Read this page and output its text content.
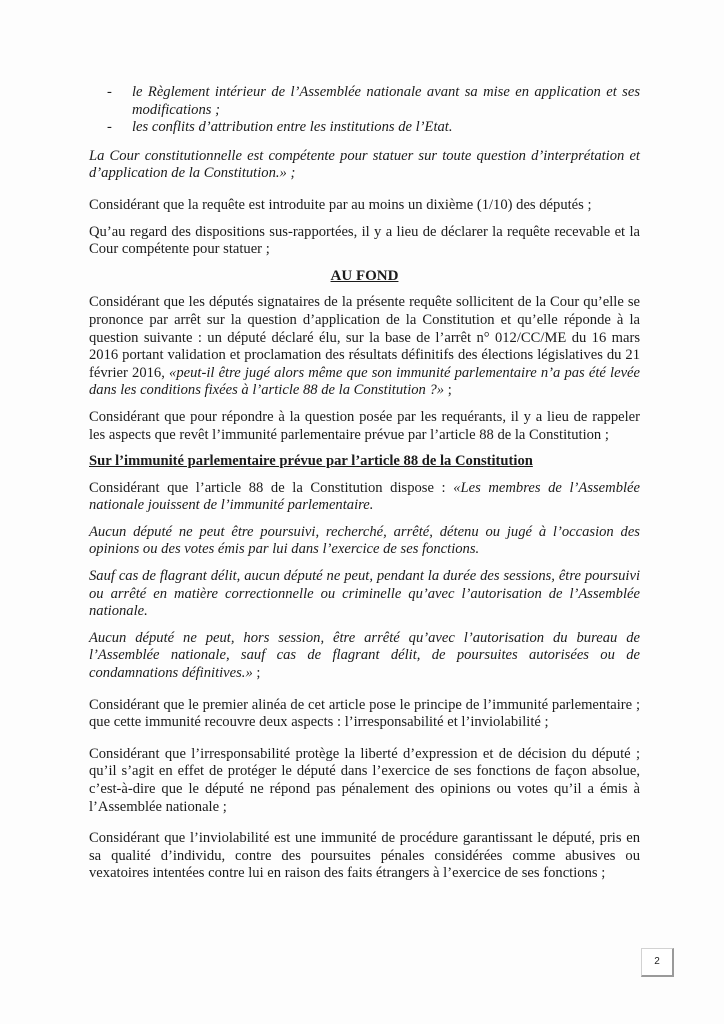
- le Règlement intérieur de l’Assemblée nationale avant sa mise en application et ses modifications ;
- les conflits d’attribution entre les institutions de l’Etat.

La Cour constitutionnelle est compétente pour statuer sur toute question d’interprétation et d’application de la Constitution.» ;

Considérant que la requête est introduite par au moins un dixième (1/10) des députés ;

Qu’au regard des dispositions sus-rapportées, il y a lieu de déclarer la requête recevable et la Cour compétente pour statuer ;

AU FOND

Considérant que les députés signataires de la présente requête sollicitent de la Cour qu’elle se prononce par arrêt sur la question d’application de la Constitution et qu’elle réponde à la question suivante : un député déclaré élu, sur la base de l’arrêt n° 012/CC/ME du 16 mars 2016 portant validation et proclamation des résultats définitifs des élections législatives du 21 février 2016, «peut-il être jugé alors même que son immunité parlementaire n’a pas été levée dans les conditions fixées à l’article 88 de la Constitution ?» ;

Considérant que pour répondre à la question posée par les requérants, il y a lieu de rappeler les aspects que revêt l’immunité parlementaire prévue par l’article 88 de la Constitution ;

Sur l’immunité parlementaire prévue par l’article 88 de la Constitution

Considérant que l’article 88 de la Constitution dispose : «Les membres de l’Assemblée nationale jouissent de l’immunité parlementaire.

Aucun député ne peut être poursuivi, recherché, arrêté, détenu ou jugé à l’occasion des opinions ou des votes émis par lui dans l’exercice de ses fonctions.

Sauf cas de flagrant délit, aucun député ne peut, pendant la durée des sessions, être poursuivi ou arrêté en matière correctionnelle ou criminelle qu’avec l’autorisation de l’Assemblée nationale.

Aucun député ne peut, hors session, être arrêté qu’avec l’autorisation du bureau de l’Assemblée nationale, sauf cas de flagrant délit, de poursuites autorisées ou de condamnations définitives.» ;

Considérant que le premier alinéa de cet article pose le principe de l’immunité parlementaire ; que cette immunité recouvre deux aspects : l’irresponsabilité et l’inviolabilité ;

Considérant que l’irresponsabilité protège la liberté d’expression et de décision du député ; qu’il s’agit en effet de protéger le député dans l’exercice de ses fonctions de façon absolue, c’est-à-dire que le député ne répond pas pénalement des opinions ou votes qu’il a émis à l’Assemblée nationale ;

Considérant que l’inviolabilité est une immunité de procédure garantissant le député, pris en sa qualité d’individu, contre des poursuites pénales considérées comme abusives ou vexatoires intentées contre lui en raison des faits étrangers à l’exercice de ses fonctions ;

2
